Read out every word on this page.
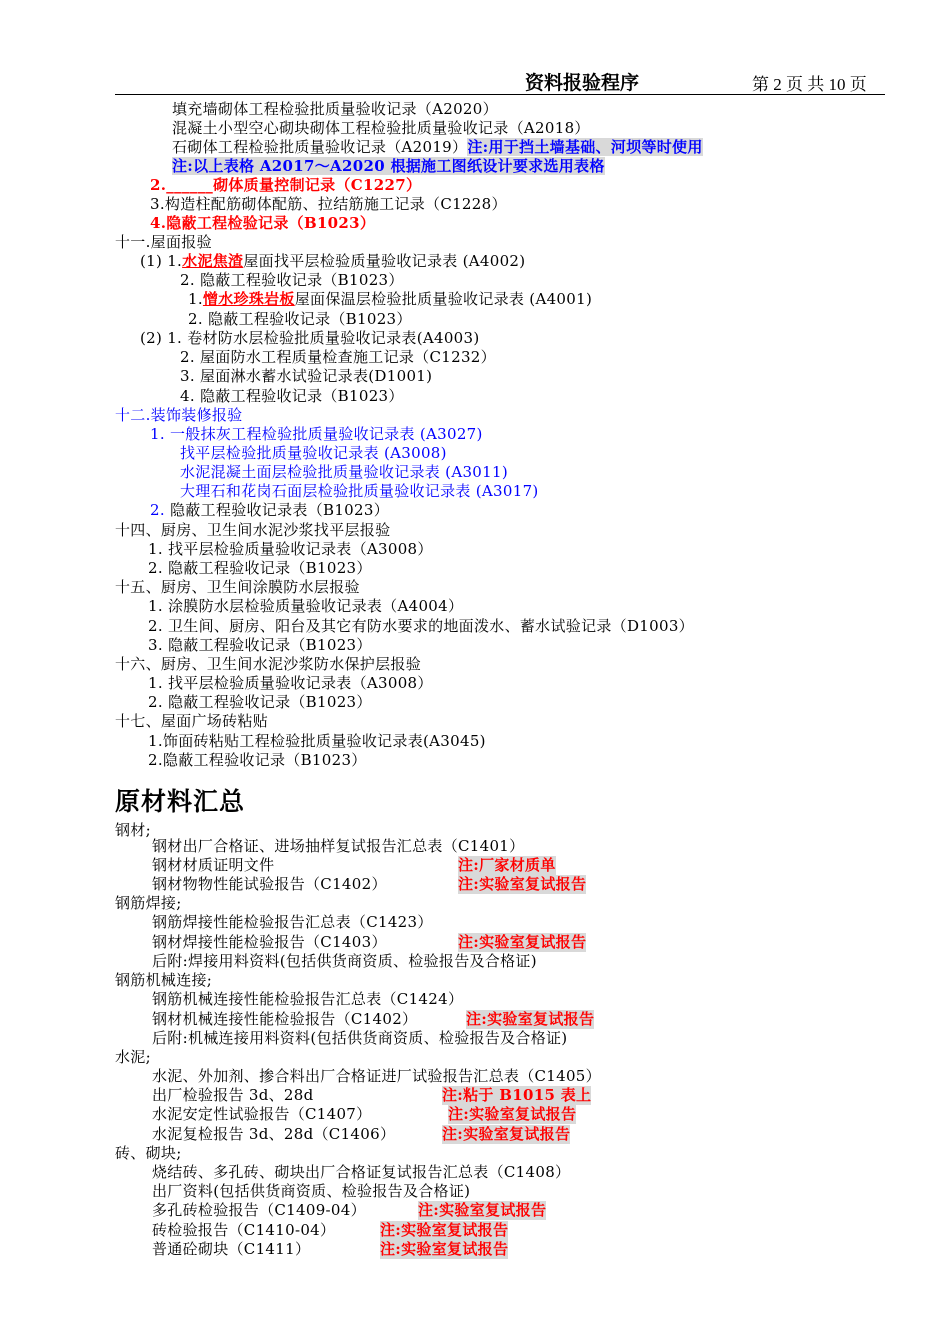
资料报验程序	第 2 页 共 10 页
填充墙砌体工程检验批质量验收记录（A2020）
混凝土小型空心砌块砌体工程检验批质量验收记录（A2018）
石砌体工程检验批质量验收记录（A2019）注:用于挡土墙基础、河坝等时使用
注:以上表格 A2017～A2020 根据施工图纸设计要求选用表格
2.______砌体质量控制记录（C1227）
3.构造柱配筋砌体配筋、拉结筋施工记录（C1228）
4.隐蔽工程检验记录（B1023）
十一.屋面报验
(1) 1.水泥焦渣屋面找平层检验质量验收记录表 (A4002)
2. 隐蔽工程验收记录（B1023）
1.憎水珍珠岩板屋面保温层检验批质量验收记录表 (A4001)
2. 隐蔽工程验收记录（B1023）
(2) 1. 卷材防水层检验批质量验收记录表(A4003)
2. 屋面防水工程质量检查施工记录（C1232）
3. 屋面淋水蓄水试验记录表(D1001)
4. 隐蔽工程验收记录（B1023）
十二.装饰装修报验
1. 一般抹灰工程检验批质量验收记录表 (A3027)
找平层检验批质量验收记录表 (A3008)
水泥混凝土面层检验批质量验收记录表 (A3011)
大理石和花岗石面层检验批质量验收记录表 (A3017)
2. 隐蔽工程验收记录表（B1023）
十四、厨房、卫生间水泥沙浆找平层报验
1. 找平层检验质量验收记录表（A3008）
2. 隐蔽工程验收记录（B1023）
十五、厨房、卫生间涂膜防水层报验
1. 涂膜防水层检验质量验收记录表（A4004）
2. 卫生间、厨房、阳台及其它有防水要求的地面泼水、蓄水试验记录（D1003）
3. 隐蔽工程验收记录（B1023）
十六、厨房、卫生间水泥沙浆防水保护层报验
1. 找平层检验质量验收记录表（A3008）
2. 隐蔽工程验收记录（B1023）
十七、屋面广场砖粘贴
1.饰面砖粘贴工程检验批质量验收记录表(A3045)
2.隐蔽工程验收记录（B1023）
原材料汇总
钢材;
钢材出厂合格证、进场抽样复试报告汇总表（C1401）
钢材材质证明文件	注:厂家材质单
钢材物物性能试验报告（C1402）	注:实验室复试报告
钢筋焊接;
钢筋焊接性能检验报告汇总表（C1423）
钢材焊接性能检验报告（C1403）	注:实验室复试报告
后附:焊接用料资料(包括供货商资质、检验报告及合格证)
钢筋机械连接;
钢筋机械连接性能检验报告汇总表（C1424）
钢材机械连接性能检验报告（C1402）	注:实验室复试报告
后附:机械连接用料资料(包括供货商资质、检验报告及合格证)
水泥;
水泥、外加剂、掺合料出厂合格证进厂试验报告汇总表（C1405）
出厂检验报告 3d、28d	注:粘于 B1015 表上
水泥安定性试验报告（C1407）	注:实验室复试报告
水泥复检报告 3d、28d（C1406）	注:实验室复试报告
砖、砌块;
烧结砖、多孔砖、砌块出厂合格证复试报告汇总表（C1408）
出厂资料(包括供货商资质、检验报告及合格证)
多孔砖检验报告（C1409-04）	注:实验室复试报告
砖检验报告（C1410-04）	注:实验室复试报告
普通砼砌块（C1411）	注:实验室复试报告
